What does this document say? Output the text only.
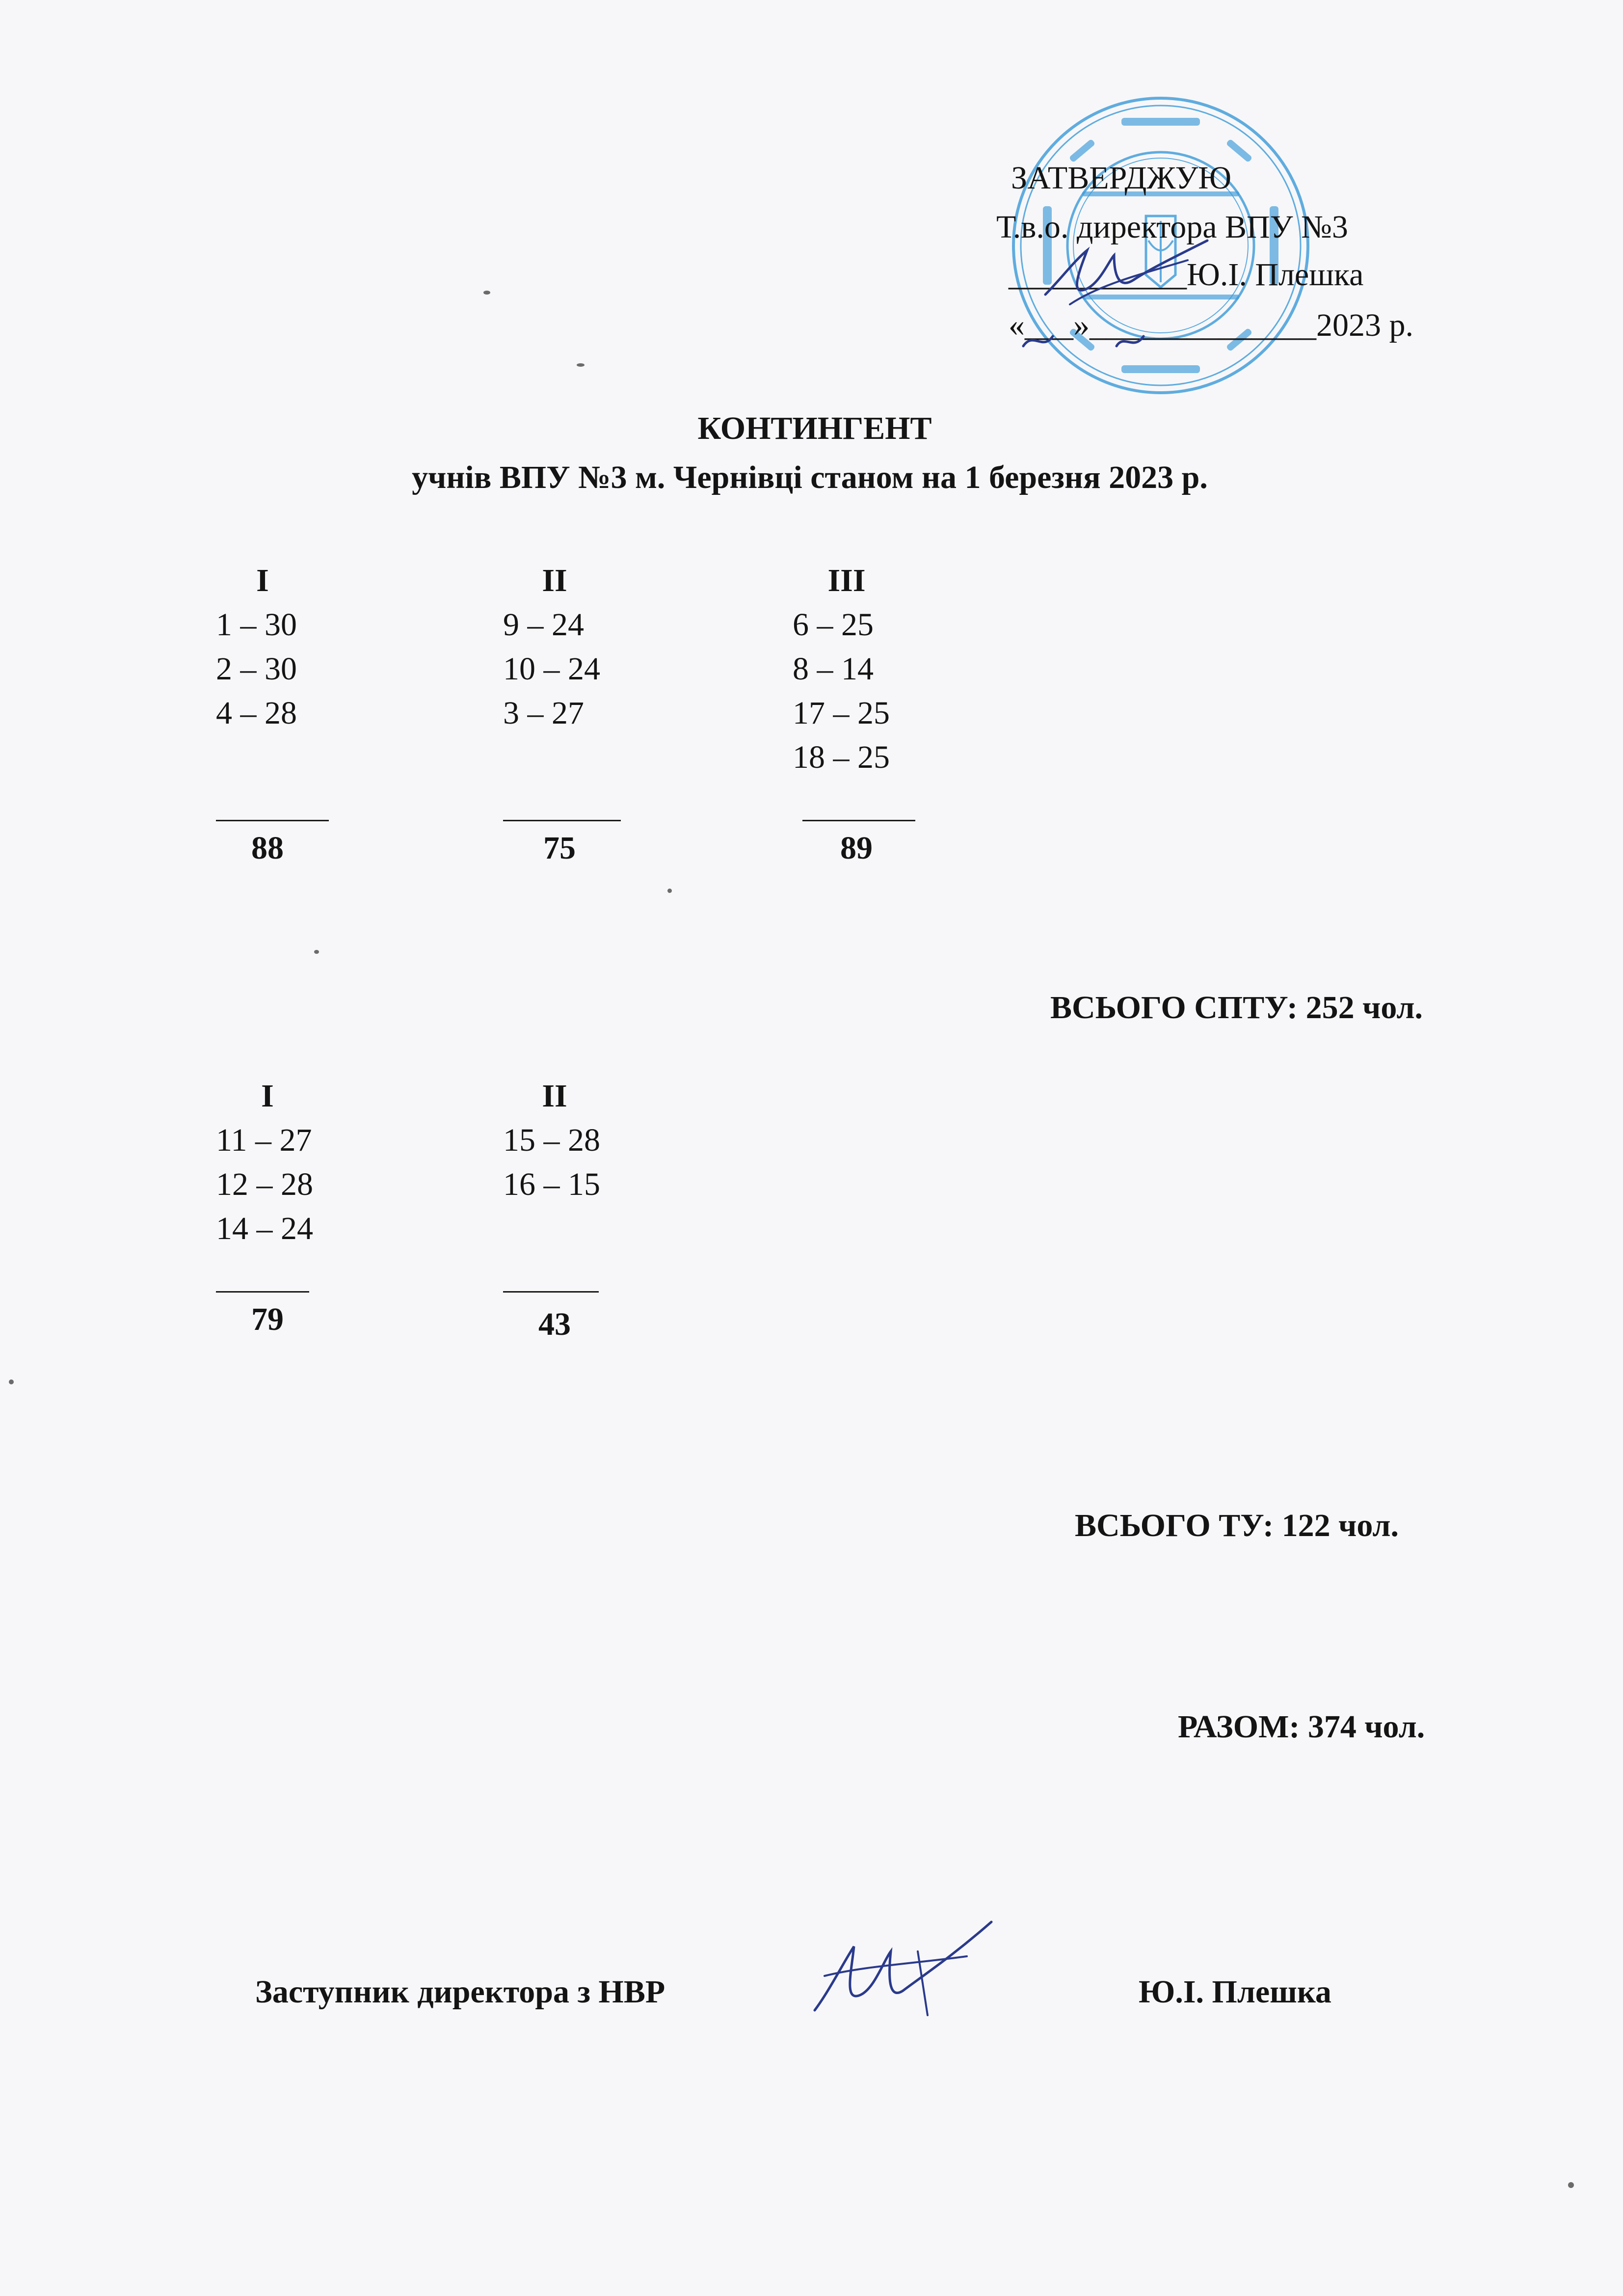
ЗАТВЕРДЖУЮ
Т.в.о. директора ВПУ №3
___________Ю.І. Плешка
«___»______________2023 р.
КОНТИНГЕНТ
учнів ВПУ №3 м. Чернівці станом на 1 березня 2023 р.
I
1 – 30
2 – 30
4 – 28
88
II
9 – 24
10 – 24
3 – 27
75
III
6 – 25
8 – 14
17 – 25
18 – 25
89
ВСЬОГО СПТУ: 252 чол.
I
11 – 27
12 – 28
14 – 24
79
II
15 – 28
16 – 15
43
ВСЬОГО ТУ: 122 чол.
РАЗОМ: 374 чол.
Заступник директора з НВР	Ю.І. Плешка
